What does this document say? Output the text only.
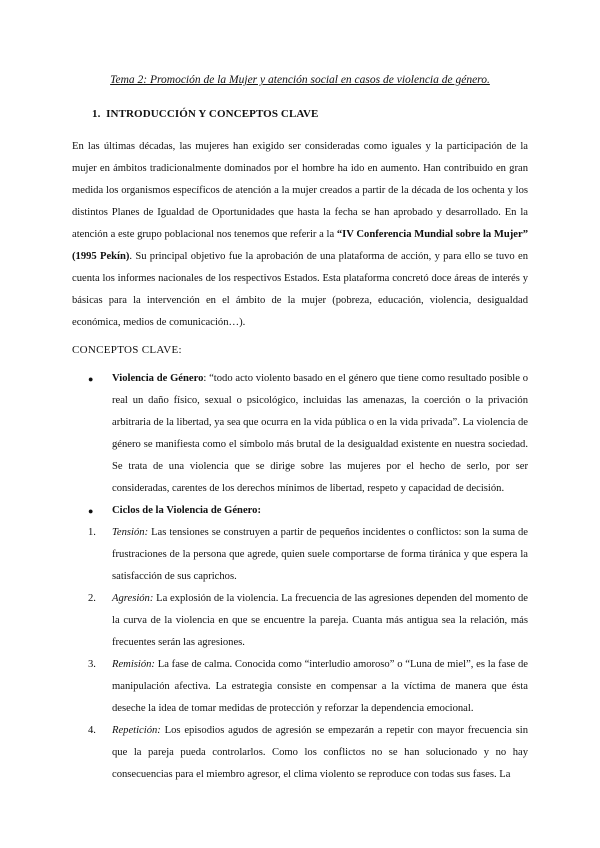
Tema 2: Promoción de la Mujer y atención social en casos de violencia de género.
1. INTRODUCCIÓN Y CONCEPTOS CLAVE

En las últimas décadas, las mujeres han exigido ser consideradas como iguales y la participación de la mujer en ámbitos tradicionalmente dominados por el hombre ha ido en aumento. Han contribuido en gran medida los organismos específicos de atención a la mujer creados a partir de la década de los ochenta y los distintos Planes de Igualdad de Oportunidades que hasta la fecha se han aprobado y desarrollado. En la atención a este grupo poblacional nos tenemos que referir a la “IV Conferencia Mundial sobre la Mujer” (1995 Pekín). Su principal objetivo fue la aprobación de una plataforma de acción, y para ello se tuvo en cuenta los informes nacionales de los respectivos Estados. Esta plataforma concretó doce áreas de interés y básicas para la intervención en el ámbito de la mujer (pobreza, educación, violencia, desigualdad económica, medios de comunicación…).

CONCEPTOS CLAVE:
●	Violencia de Género: “todo acto violento basado en el género que tiene como resultado posible o real un daño físico, sexual o psicológico, incluidas las amenazas, la coerción o la privación arbitraria de la libertad, ya sea que ocurra en la vida pública o en la vida privada”. La violencia de género se manifiesta como el símbolo más brutal de la desigualdad existente en nuestra sociedad. Se trata de una violencia que se dirige sobre las mujeres por el hecho de serlo, por ser consideradas, carentes de los derechos mínimos de libertad, respeto y capacidad de decisión.
●	Ciclos de la Violencia de Género:
1.	Tensión: Las tensiones se construyen a partir de pequeños incidentes o conflictos: son la suma de frustraciones de la persona que agrede, quien suele comportarse de forma tiránica y que espera la satisfacción de sus caprichos.
2.	Agresión: La explosión de la violencia. La frecuencia de las agresiones dependen del momento de la curva de la violencia en que se encuentre la pareja. Cuanta más antigua sea la relación, más frecuentes serán las agresiones.
3.	Remisión: La fase de calma. Conocida como “interludio amoroso” o “Luna de miel”, es la fase de manipulación afectiva. La estrategia consiste en compensar a la víctima de manera que ésta deseche la idea de tomar medidas de protección y reforzar la dependencia emocional.
4.	Repetición: Los episodios agudos de agresión se empezarán a repetir con mayor frecuencia sin que la pareja pueda controlarlos. Como los conflictos no se han solucionado y no hay consecuencias para el miembro agresor, el clima violento se reproduce con todas sus fases. La
